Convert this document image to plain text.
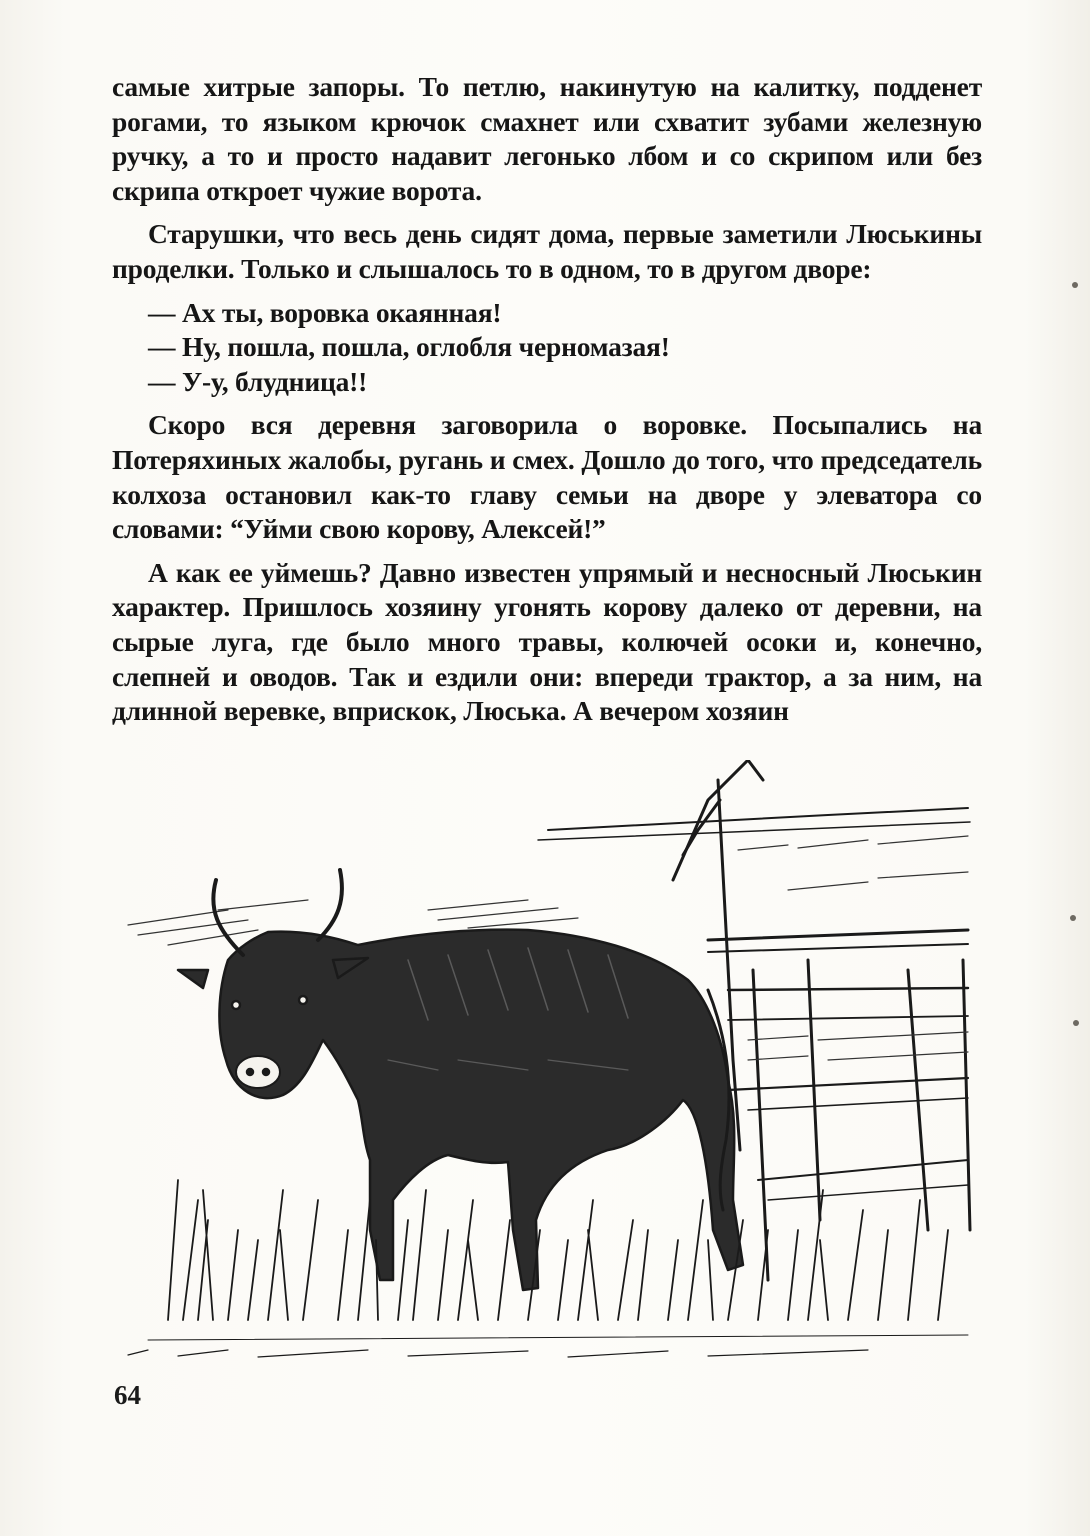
самые хитрые запоры. То петлю, накинутую на калитку, подденет рогами, то языком крючок смахнет или схватит зубами железную ручку, а то и просто надавит легонько лбом и со скрипом или без скрипа откроет чужие ворота.

Старушки, что весь день сидят дома, первые заметили Люськины проделки. Только и слышалось то в одном, то в другом дворе:

— Ах ты, воровка окаянная!

— Ну, пошла, пошла, оглобля черномазая!

— У-у, блудница!!

Скоро вся деревня заговорила о воровке. Посыпались на Потеряхиных жалобы, ругань и смех. Дошло до того, что председатель колхоза остановил как-то главу семьи на дворе у элеватора со словами: “Уйми свою корову, Алексей!”

А как ее уймешь? Давно известен упрямый и несносный Люськин характер. Пришлось хозяину угонять корову далеко от деревни, на сырые луга, где было много травы, колючей осоки и, конечно, слепней и оводов. Так и ездили они: впереди трактор, а за ним, на длинной веревке, вприскок, Люська. А вечером хозяин

64
